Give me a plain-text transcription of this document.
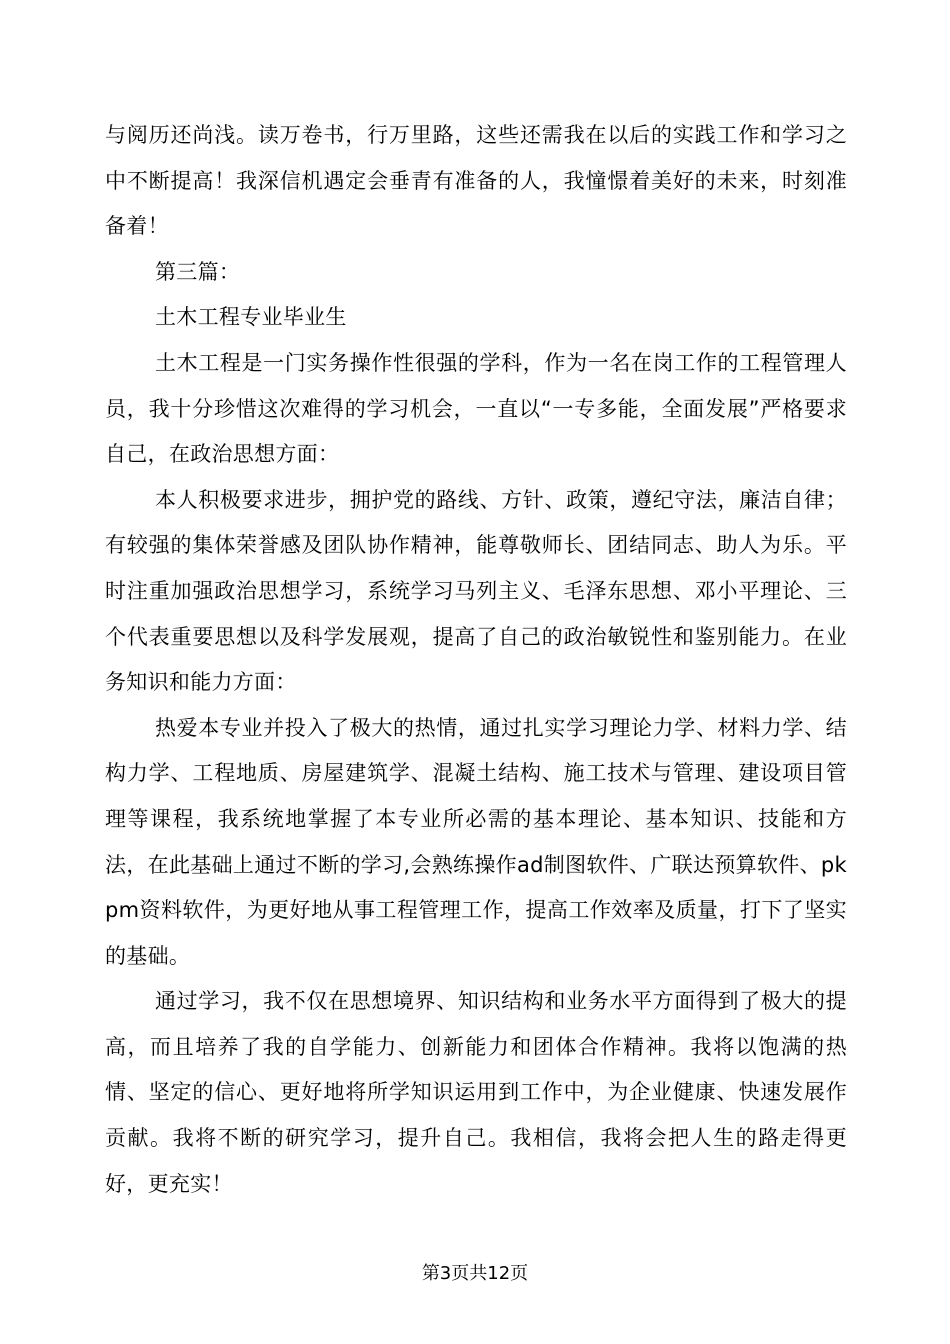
与阅历还尚浅。读万卷书，行万里路，这些还需我在以后的实践工作和学习之中不断提高！我深信机遇定会垂青有准备的人，我憧憬着美好的未来，时刻准备着！

第三篇：

土木工程专业毕业生

土木工程是一门实务操作性很强的学科，作为一名在岗工作的工程管理人员，我十分珍惜这次难得的学习机会，一直以“一专多能，全面发展”严格要求自己，在政治思想方面：

本人积极要求进步，拥护党的路线、方针、政策，遵纪守法，廉洁自律；有较强的集体荣誉感及团队协作精神，能尊敬师长、团结同志、助人为乐。平时注重加强政治思想学习，系统学习马列主义、毛泽东思想、邓小平理论、三个代表重要思想以及科学发展观，提高了自己的政治敏锐性和鉴别能力。在业务知识和能力方面：

热爱本专业并投入了极大的热情，通过扎实学习理论力学、材料力学、结构力学、工程地质、房屋建筑学、混凝土结构、施工技术与管理、建设项目管理等课程，我系统地掌握了本专业所必需的基本理论、基本知识、技能和方法，在此基础上通过不断的学习,会熟练操作ad制图软件、广联达预算软件、pkpm资料软件，为更好地从事工程管理工作，提高工作效率及质量，打下了坚实的基础。

通过学习，我不仅在思想境界、知识结构和业务水平方面得到了极大的提高，而且培养了我的自学能力、创新能力和团体合作精神。我将以饱满的热情、坚定的信心、更好地将所学知识运用到工作中，为企业健康、快速发展作贡献。我将不断的研究学习，提升自己。我相信，我将会把人生的路走得更好，更充实！

第3页共12页
